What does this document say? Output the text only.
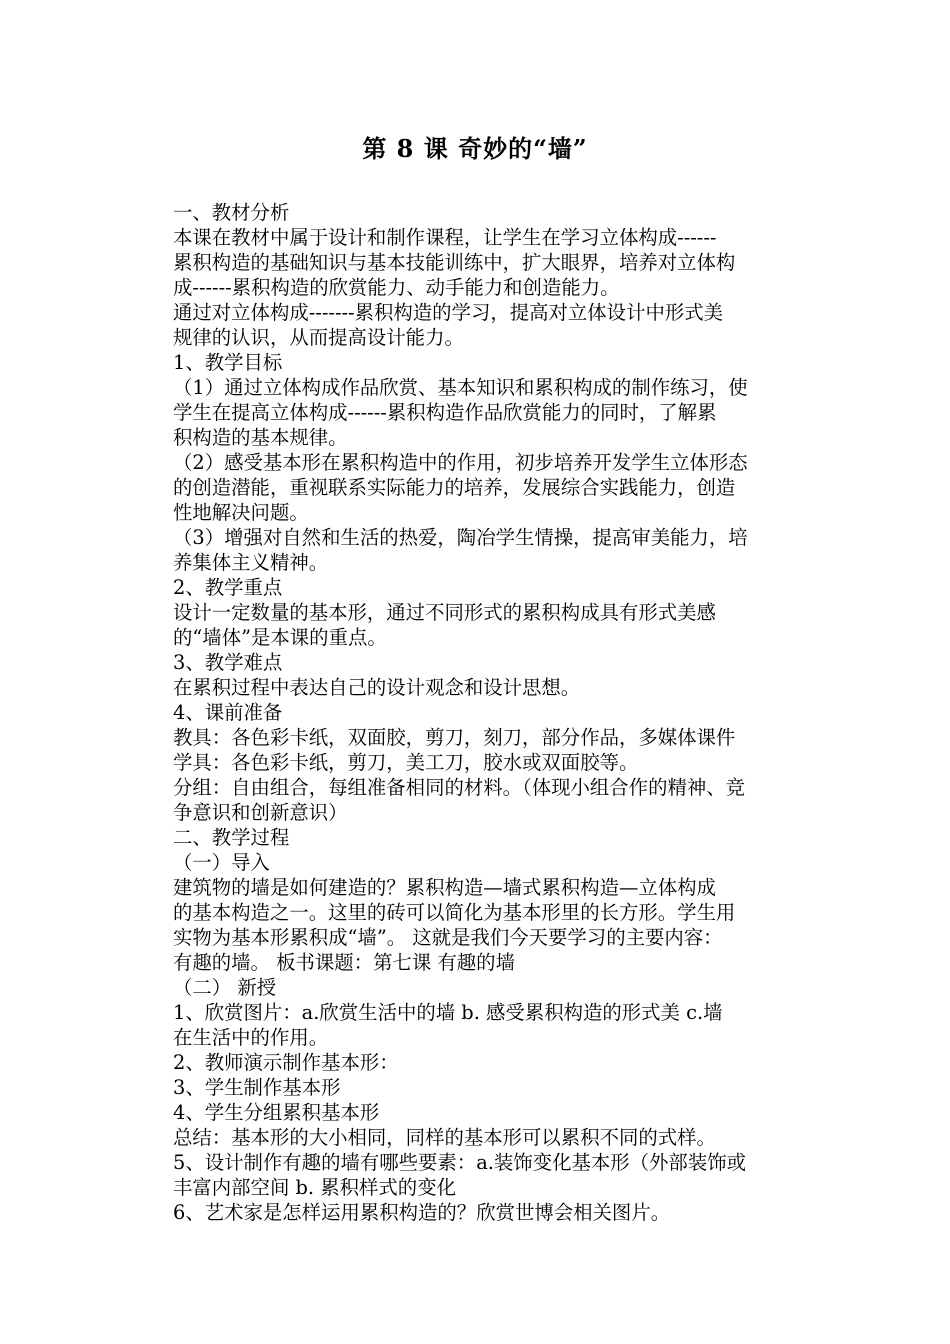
第 8 课 奇妙的“墙”
一、教材分析
本课在教材中属于设计和制作课程，让学生在学习立体构成------
累积构造的基础知识与基本技能训练中，扩大眼界，培养对立体构
成------累积构造的欣赏能力、动手能力和创造能力。
通过对立体构成-------累积构造的学习，提高对立体设计中形式美
规律的认识，从而提高设计能力。
1、教学目标
（1）通过立体构成作品欣赏、基本知识和累积构成的制作练习，使
学生在提高立体构成------累积构造作品欣赏能力的同时，了解累
积构造的基本规律。
（2）感受基本形在累积构造中的作用，初步培养开发学生立体形态
的创造潜能，重视联系实际能力的培养，发展综合实践能力，创造
性地解决问题。
（3）增强对自然和生活的热爱，陶冶学生情操，提高审美能力，培
养集体主义精神。
2、教学重点
设计一定数量的基本形，通过不同形式的累积构成具有形式美感
的“墙体”是本课的重点。
3、教学难点
在累积过程中表达自己的设计观念和设计思想。
4、课前准备
教具：各色彩卡纸，双面胶，剪刀，刻刀，部分作品，多媒体课件
学具：各色彩卡纸，剪刀，美工刀，胶水或双面胶等。
分组：自由组合，每组准备相同的材料。（体现小组合作的精神、竞
争意识和创新意识）
二、教学过程
（一）导入
建筑物的墙是如何建造的？累积构造—墙式累积构造—立体构成
的基本构造之一。这里的砖可以简化为基本形里的长方形。学生用
实物为基本形累积成“墙”。 这就是我们今天要学习的主要内容：
有趣的墙。 板书课题：第七课 有趣的墙
（二） 新授
1、欣赏图片：a.欣赏生活中的墙 b. 感受累积构造的形式美 c.墙
在生活中的作用。
2、教师演示制作基本形：
3、学生制作基本形
4、学生分组累积基本形
总结：基本形的大小相同，同样的基本形可以累积不同的式样。
5、设计制作有趣的墙有哪些要素：a.装饰变化基本形（外部装饰或
丰富内部空间 b. 累积样式的变化
6、艺术家是怎样运用累积构造的？欣赏世博会相关图片。
